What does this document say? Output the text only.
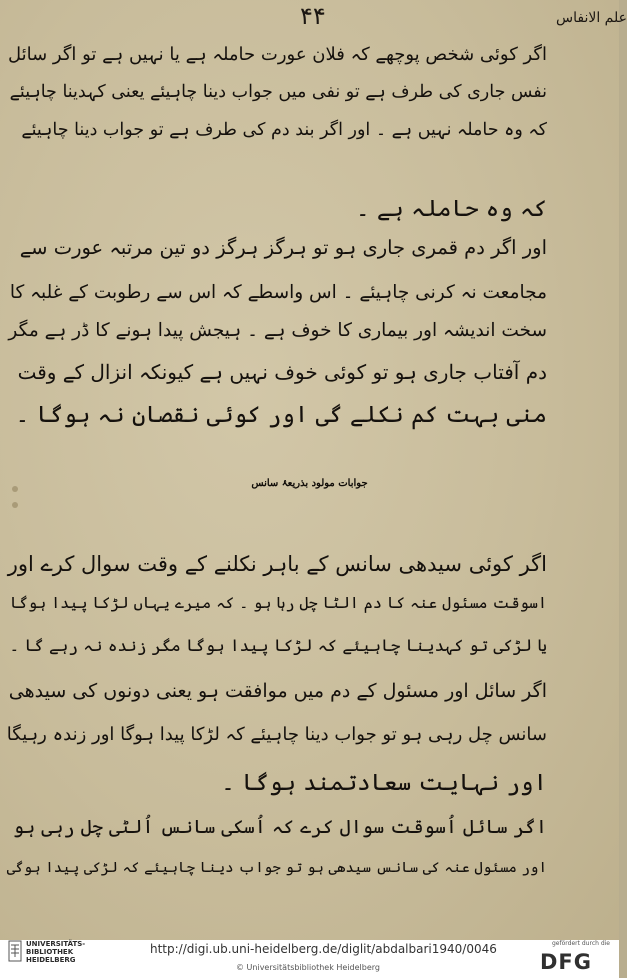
علم الانفاس
۴۴
اگر کوئی شخص پوچھے کہ فلان عورت حاملہ ہے یا نہیں ہے تو اگر سائل
نفس جاری کی طرف ہے تو نفی میں جواب دینا چاہیئے یعنی کہدینا چاہیئے
کہ وہ حاملہ نہیں ہے ۔ اور اگر بند دم کی طرف ہے تو جواب دینا چاہیئے
کہ وہ حاملہ ہے ۔
اور اگر دم قمری جاری ہو تو ہرگز ہرگز دو تین مرتبہ عورت سے
مجامعت نہ کرنی چاہیئے ۔ اس واسطے کہ اس سے رطوبت کے غلبہ کا
سخت اندیشہ اور بیماری کا خوف ہے ۔ ہیجش پیدا ہونے کا ڈر ہے مگر
دم آفتاب جاری ہو تو کوئی خوف نہیں ہے کیونکہ انزال کے وقت
منی بہت کم نکلے گی اور کوئی نقصان نہ ہوگا ۔
جوابات مولود بذریعۂ سانس
اگر کوئی سیدھی سانس کے باہر نکلنے کے وقت سوال کرے اور
اسوقت مسئول عنہ کا دم الٹا چل رہا ہو ۔ کہ میرے یہاں لڑکا پیدا ہوگا
یا لڑکی تو کہدینا چاہیئے کہ لڑکا پیدا ہوگا مگر زندہ نہ رہے گا ۔
اگر سائل اور مسئول کے دم میں موافقت ہو یعنی دونوں کی سیدھی
سانس چل رہی ہو تو جواب دینا چاہیئے کہ لڑکا پیدا ہوگا اور زندہ رہیگا
اور نہایت سعادتمند ہوگا ۔
اگر سائل اُسوقت سوال کرے کہ اُسکی سانس اُلٹی چل رہی ہو
اور مسئول عنہ کی سانس سیدھی ہو تو جواب دینا چاہیئے کہ لڑکی پیدا ہوگی
UNIVERSITÄTS- BIBLIOTHEK HEIDELBERG
http://digi.ub.uni-heidelberg.de/diglit/abdalbari1940/0046
© Universitätsbibliothek Heidelberg
gefördert durch die
DFG
